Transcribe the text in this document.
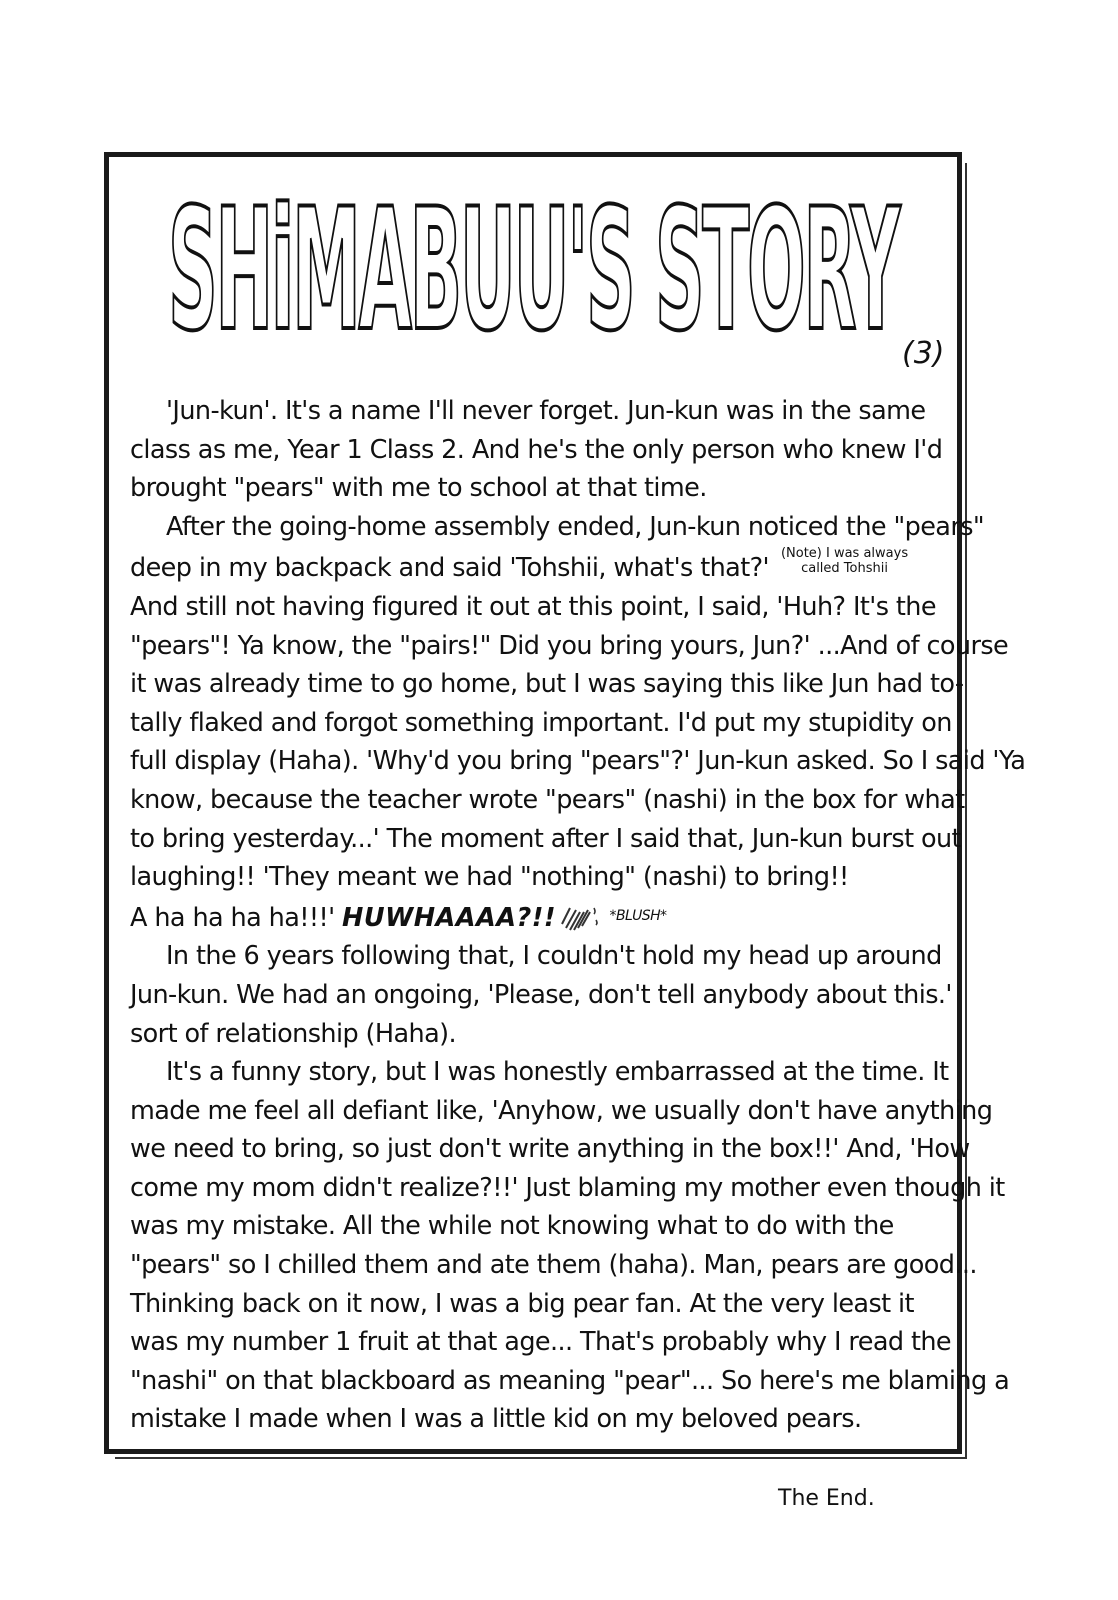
SHiMABUU'S STORY (3)
'Jun-kun'. It's a name I'll never forget. Jun-kun was in the same
class as me, Year 1 Class 2. And he's the only person who knew I'd
brought "pears" with me to school at that time.
After the going-home assembly ended, Jun-kun noticed the "pears"
deep in my backpack and said 'Tohshii, what's that?' (Note) I was always
called Tohshii
And still not having figured it out at this point, I said, 'Huh? It's the
"pears"! Ya know, the "pairs!" Did you bring yours, Jun?' ...And of course
it was already time to go home, but I was saying this like Jun had to-
tally flaked and forgot something important. I'd put my stupidity on
full display (Haha). 'Why'd you bring "pears"?' Jun-kun asked. So I said 'Ya
know, because the teacher wrote "pears" (nashi) in the box for what
to bring yesterday...' The moment after I said that, Jun-kun burst out
laughing!! 'They meant we had "nothing" (nashi) to bring!!
A ha ha ha ha!!!' HUWHAAAA?!!	$^{*BLUSH*}$
In the 6 years following that, I couldn't hold my head up around
Jun-kun. We had an ongoing, 'Please, don't tell anybody about this.'
sort of relationship (Haha).
It's a funny story, but I was honestly embarrassed at the time. It
made me feel all defiant like, 'Anyhow, we usually don't have anything
we need to bring, so just don't write anything in the box!!' And, 'How
come my mom didn't realize?!!' Just blaming my mother even though it
was my mistake. All the while not knowing what to do with the
"pears" so I chilled them and ate them (haha). Man, pears are good...
Thinking back on it now, I was a big pear fan. At the very least it
was my number 1 fruit at that age... That's probably why I read the
"nashi" on that blackboard as meaning "pear"... So here's me blaming a
mistake I made when I was a little kid on my beloved pears.
The End.
